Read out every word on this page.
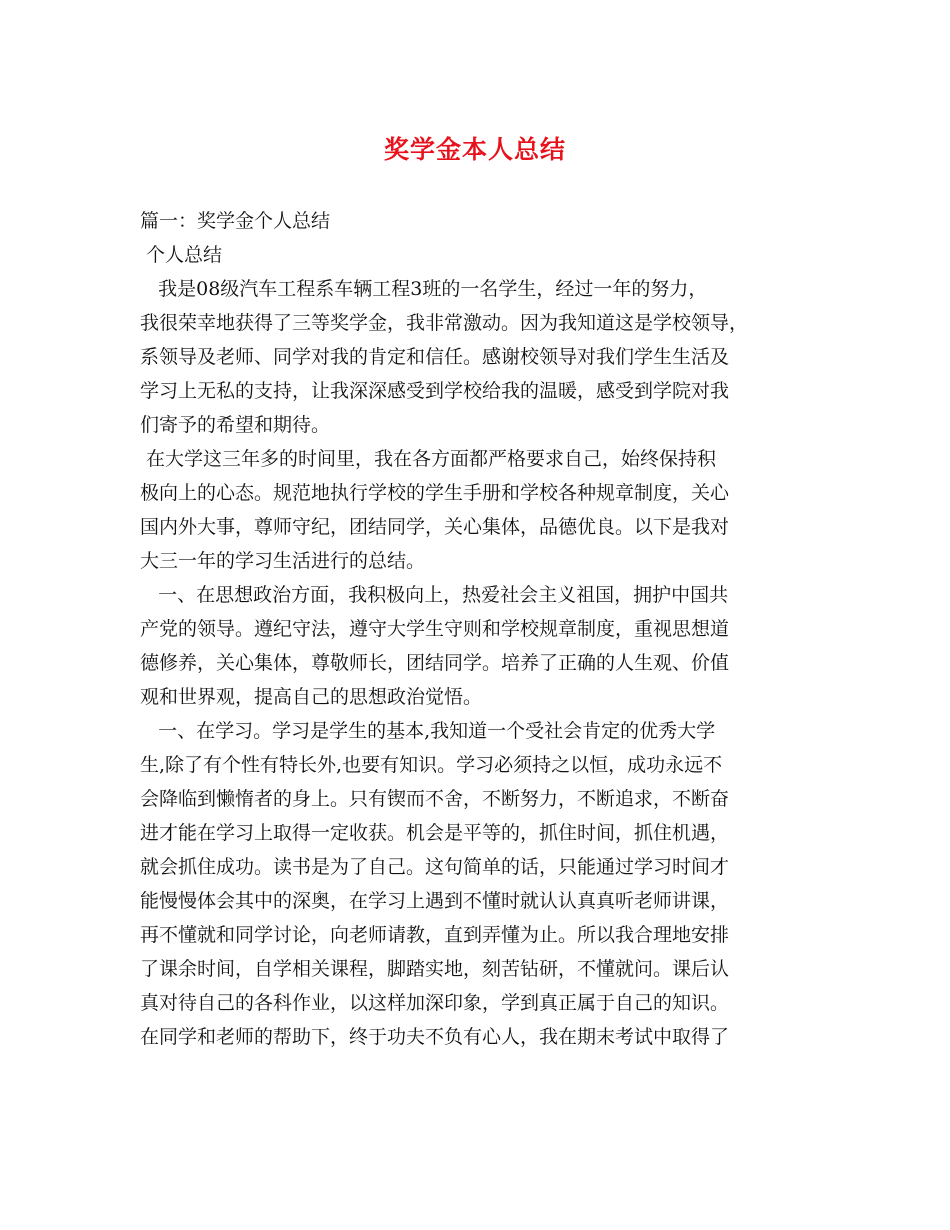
奖学金本人总结
篇一：奖学金个人总结
个人总结
我是08级汽车工程系车辆工程3班的一名学生，经过一年的努力，
我很荣幸地获得了三等奖学金，我非常激动。因为我知道这是学校领导，
系领导及老师、同学对我的肯定和信任。感谢校领导对我们学生生活及
学习上无私的支持，让我深深感受到学校给我的温暖，感受到学院对我
们寄予的希望和期待。
在大学这三年多的时间里，我在各方面都严格要求自己，始终保持积
极向上的心态。规范地执行学校的学生手册和学校各种规章制度，关心
国内外大事，尊师守纪，团结同学，关心集体，品德优良。以下是我对
大三一年的学习生活进行的总结。
一、在思想政治方面，我积极向上，热爱社会主义祖国，拥护中国共
产党的领导。遵纪守法，遵守大学生守则和学校规章制度，重视思想道
德修养，关心集体，尊敬师长，团结同学。培养了正确的人生观、价值
观和世界观，提高自己的思想政治觉悟。
一、在学习。学习是学生的基本,我知道一个受社会肯定的优秀大学
生,除了有个性有特长外,也要有知识。学习必须持之以恒，成功永远不
会降临到懒惰者的身上。只有锲而不舍，不断努力，不断追求，不断奋
进才能在学习上取得一定收获。机会是平等的，抓住时间，抓住机遇，
就会抓住成功。读书是为了自己。这句简单的话，只能通过学习时间才
能慢慢体会其中的深奥，在学习上遇到不懂时就认认真真听老师讲课，
再不懂就和同学讨论，向老师请教，直到弄懂为止。所以我合理地安排
了课余时间，自学相关课程，脚踏实地，刻苦钻研，不懂就问。课后认
真对待自己的各科作业，以这样加深印象，学到真正属于自己的知识。
在同学和老师的帮助下，终于功夫不负有心人，我在期末考试中取得了
